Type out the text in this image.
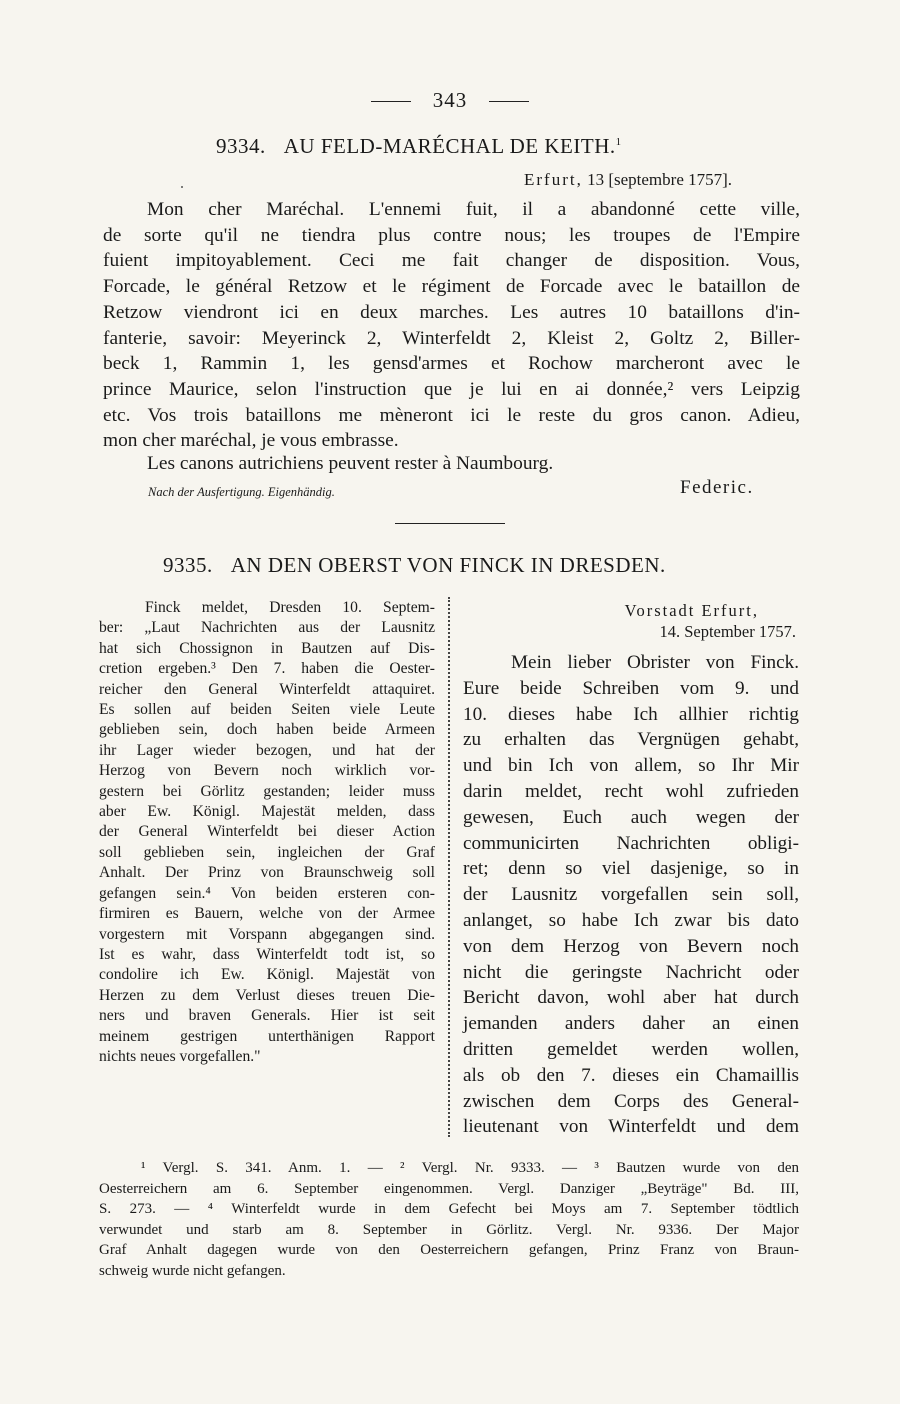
343
9334. AU FELD-MARÉCHAL DE KEITH.$^1$
Erfurt, 13 [septembre 1757].
Mon cher Maréchal. L'ennemi fuit, il a abandonné cette ville,
de sorte qu'il ne tiendra plus contre nous; les troupes de l'Empire
fuient impitoyablement. Ceci me fait changer de disposition. Vous,
Forcade, le général Retzow et le régiment de Forcade avec le bataillon de
Retzow viendront ici en deux marches. Les autres 10 bataillons d'in-
fanterie, savoir: Meyerinck 2, Winterfeldt 2, Kleist 2, Goltz 2, Biller-
beck 1, Rammin 1, les gensd'armes et Rochow marcheront avec le
prince Maurice, selon l'instruction que je lui en ai donnée,² vers Leipzig
etc. Vos trois bataillons me mèneront ici le reste du gros canon. Adieu,
mon cher maréchal, je vous embrasse.
Les canons autrichiens peuvent rester à Naumbourg.
Nach der Ausfertigung. Eigenhändig.	Federic.
9335. AN DEN OBERST VON FINCK IN DRESDEN.
Finck meldet, Dresden 10. Septem-
ber: „Laut Nachrichten aus der Lausnitz
hat sich Chossignon in Bautzen auf Dis-
cretion ergeben.³ Den 7. haben die Oester-
reicher den General Winterfeldt attaquiret.
Es sollen auf beiden Seiten viele Leute
geblieben sein, doch haben beide Armeen
ihr Lager wieder bezogen, und hat der
Herzog von Bevern noch wirklich vor-
gestern bei Görlitz gestanden; leider muss
aber Ew. Königl. Majestät melden, dass
der General Winterfeldt bei dieser Action
soll geblieben sein, ingleichen der Graf
Anhalt. Der Prinz von Braunschweig soll
gefangen sein.⁴ Von beiden ersteren con-
firmiren es Bauern, welche von der Armee
vorgestern mit Vorspann abgegangen sind.
Ist es wahr, dass Winterfeldt todt ist, so
condolire ich Ew. Königl. Majestät von
Herzen zu dem Verlust dieses treuen Die-
ners und braven Generals. Hier ist seit
meinem gestrigen unterthänigen Rapport
nichts neues vorgefallen."
Vorstadt Erfurt,
14. September 1757.
Mein lieber Obrister von Finck.
Eure beide Schreiben vom 9. und
10. dieses habe Ich allhier richtig
zu erhalten das Vergnügen gehabt,
und bin Ich von allem, so Ihr Mir
darin meldet, recht wohl zufrieden
gewesen, Euch auch wegen der
communicirten Nachrichten obligi-
ret; denn so viel dasjenige, so in
der Lausnitz vorgefallen sein soll,
anlanget, so habe Ich zwar bis dato
von dem Herzog von Bevern noch
nicht die geringste Nachricht oder
Bericht davon, wohl aber hat durch
jemanden anders daher an einen
dritten gemeldet werden wollen,
als ob den 7. dieses ein Chamaillis
zwischen dem Corps des General-
lieutenant von Winterfeldt und dem
¹ Vergl. S. 341. Anm. 1. — ² Vergl. Nr. 9333. — ³ Bautzen wurde von den
Oesterreichern am 6. September eingenommen. Vergl. Danziger „Beyträge" Bd. III,
S. 273. — ⁴ Winterfeldt wurde in dem Gefecht bei Moys am 7. September tödtlich
verwundet und starb am 8. September in Görlitz. Vergl. Nr. 9336. Der Major
Graf Anhalt dagegen wurde von den Oesterreichern gefangen, Prinz Franz von Braun-
schweig wurde nicht gefangen.
